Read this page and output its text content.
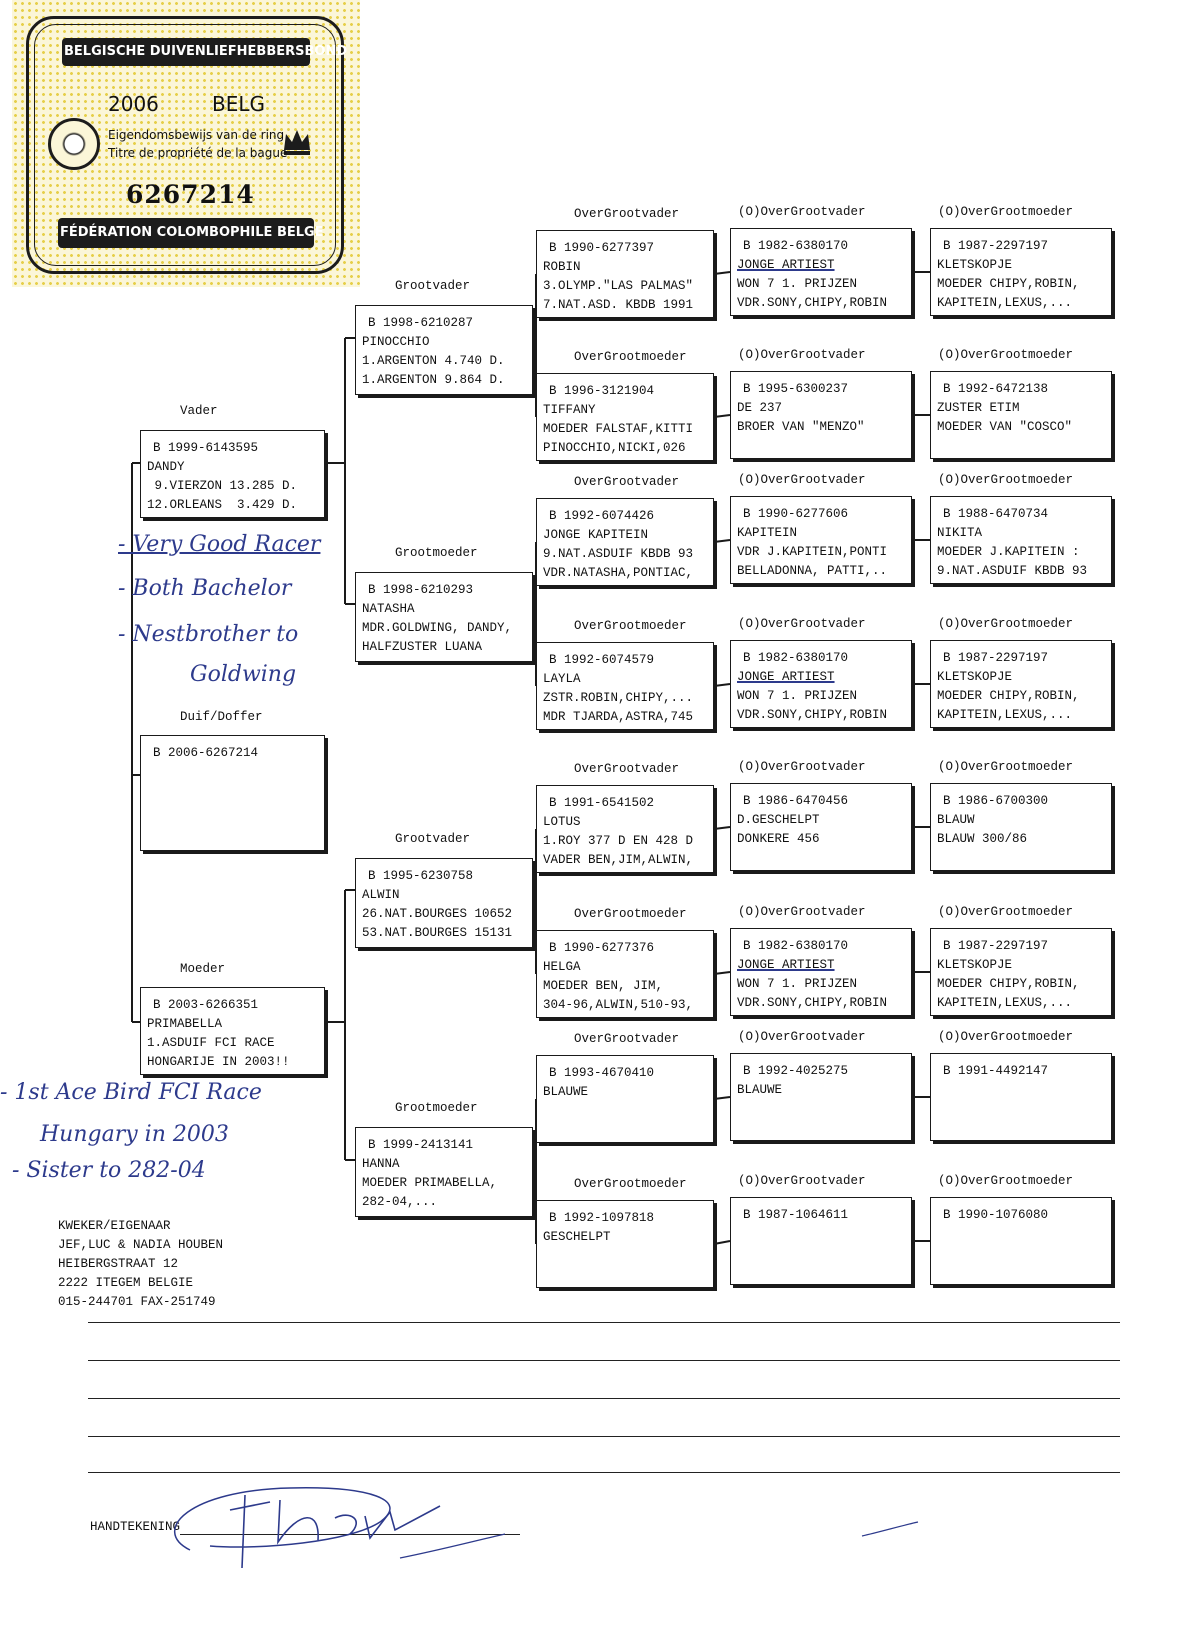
BELGISCHE DUIVENLIEFHEBBERSBOND
2006	BELG
Eigendomsbewijs van de ring
Titre de propriété de la bague
6267214
FÉDÉRATION COLOMBOPHILE BELGE
Duif/Doffer
B 2006-6267214
Vader
B 1999-6143595
DANDY
9.VIERZON 13.285 D.
12.ORLEANS  3.429 D.
Moeder
B 2003-6266351
PRIMABELLA
1.ASDUIF FCI RACE
HONGARIJE IN 2003!!
Grootvader
B 1998-6210287
PINOCCHIO
1.ARGENTON 4.740 D.
1.ARGENTON 9.864 D.
Grootmoeder
B 1998-6210293
NATASHA
MDR.GOLDWING, DANDY,
HALFZUSTER LUANA
Grootvader
B 1995-6230758
ALWIN
26.NAT.BOURGES 10652
53.NAT.BOURGES 15131
Grootmoeder
B 1999-2413141
HANNA
MOEDER PRIMABELLA,
282-04,...
OverGrootvader
B 1990-6277397
ROBIN
3.OLYMP."LAS PALMAS"
7.NAT.ASD. KBDB 1991
OverGrootmoeder
B 1996-3121904
TIFFANY
MOEDER FALSTAF,KITTI
PINOCCHIO,NICKI,026
OverGrootvader
B 1992-6074426
JONGE KAPITEIN
9.NAT.ASDUIF KBDB 93
VDR.NATASHA,PONTIAC,
OverGrootmoeder
B 1992-6074579
LAYLA
ZSTR.ROBIN,CHIPY,...
MDR TJARDA,ASTRA,745
OverGrootvader
B 1991-6541502
LOTUS
1.ROY 377 D EN 428 D
VADER BEN,JIM,ALWIN,
OverGrootmoeder
B 1990-6277376
HELGA
MOEDER BEN, JIM,
304-96,ALWIN,510-93,
OverGrootvader
B 1993-4670410
BLAUWE
OverGrootmoeder
B 1992-1097818
GESCHELPT
(O)OverGrootvader
B 1982-6380170
JONGE ARTIEST
WON 7 1. PRIJZEN
VDR.SONY,CHIPY,ROBIN
(O)OverGrootmoeder
B 1987-2297197
KLETSKOPJE
MOEDER CHIPY,ROBIN,
KAPITEIN,LEXUS,...
(O)OverGrootvader
B 1995-6300237
DE 237
BROER VAN "MENZO"
(O)OverGrootmoeder
B 1992-6472138
ZUSTER ETIM
MOEDER VAN "COSCO"
(O)OverGrootvader
B 1990-6277606
KAPITEIN
VDR J.KAPITEIN,PONTI
BELLADONNA, PATTI,..
(O)OverGrootmoeder
B 1988-6470734
NIKITA
MOEDER J.KAPITEIN :
9.NAT.ASDUIF KBDB 93
(O)OverGrootvader
B 1982-6380170
JONGE ARTIEST
WON 7 1. PRIJZEN
VDR.SONY,CHIPY,ROBIN
(O)OverGrootmoeder
B 1987-2297197
KLETSKOPJE
MOEDER CHIPY,ROBIN,
KAPITEIN,LEXUS,...
(O)OverGrootvader
B 1986-6470456
D.GESCHELPT
DONKERE 456
(O)OverGrootmoeder
B 1986-6700300
BLAUW
BLAUW 300/86
(O)OverGrootvader
B 1982-6380170
JONGE ARTIEST
WON 7 1. PRIJZEN
VDR.SONY,CHIPY,ROBIN
(O)OverGrootmoeder
B 1987-2297197
KLETSKOPJE
MOEDER CHIPY,ROBIN,
KAPITEIN,LEXUS,...
(O)OverGrootvader
B 1992-4025275
BLAUWE
(O)OverGrootmoeder
B 1991-4492147
(O)OverGrootvader
B 1987-1064611
(O)OverGrootmoeder
B 1990-1076080
- Very Good Racer
- Both Bachelor
- Nestbrother to
Goldwing
- 1st Ace Bird FCI Race
Hungary in 2003
- Sister to 282-04
KWEKER/EIGENAAR
JEF,LUC & NADIA HOUBEN
HEIBERGSTRAAT 12
2222 ITEGEM BELGIE
015-244701 FAX-251749
HANDTEKENING
